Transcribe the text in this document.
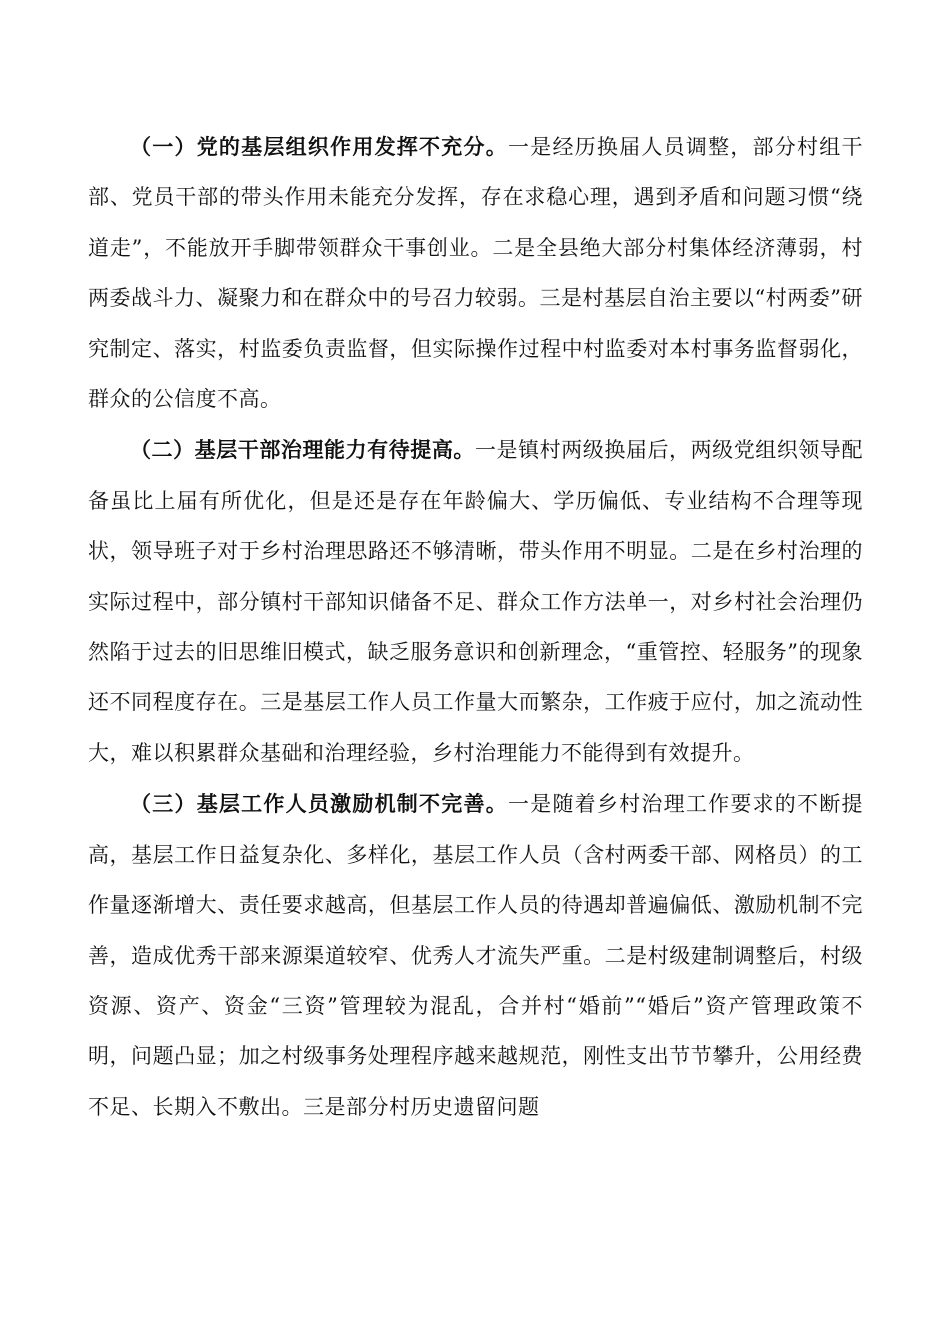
（一）党的基层组织作用发挥不充分。一是经历换届人员调整，部分村组干部、党员干部的带头作用未能充分发挥，存在求稳心理，遇到矛盾和问题习惯“绕道走”，不能放开手脚带领群众干事创业。二是全县绝大部分村集体经济薄弱，村两委战斗力、凝聚力和在群众中的号召力较弱。三是村基层自治主要以“村两委”研究制定、落实，村监委负责监督，但实际操作过程中村监委对本村事务监督弱化，群众的公信度不高。

（二）基层干部治理能力有待提高。一是镇村两级换届后，两级党组织领导配备虽比上届有所优化，但是还是存在年龄偏大、学历偏低、专业结构不合理等现状，领导班子对于乡村治理思路还不够清晰，带头作用不明显。二是在乡村治理的实际过程中，部分镇村干部知识储备不足、群众工作方法单一，对乡村社会治理仍然陷于过去的旧思维旧模式，缺乏服务意识和创新理念，“重管控、轻服务”的现象还不同程度存在。三是基层工作人员工作量大而繁杂，工作疲于应付，加之流动性大，难以积累群众基础和治理经验，乡村治理能力不能得到有效提升。

（三）基层工作人员激励机制不完善。一是随着乡村治理工作要求的不断提高，基层工作日益复杂化、多样化，基层工作人员（含村两委干部、网格员）的工作量逐渐增大、责任要求越高，但基层工作人员的待遇却普遍偏低、激励机制不完善，造成优秀干部来源渠道较窄、优秀人才流失严重。二是村级建制调整后，村级资源、资产、资金“三资”管理较为混乱，合并村“婚前”“婚后”资产管理政策不明，问题凸显；加之村级事务处理程序越来越规范，刚性支出节节攀升，公用经费不足、长期入不敷出。三是部分村历史遗留问题
